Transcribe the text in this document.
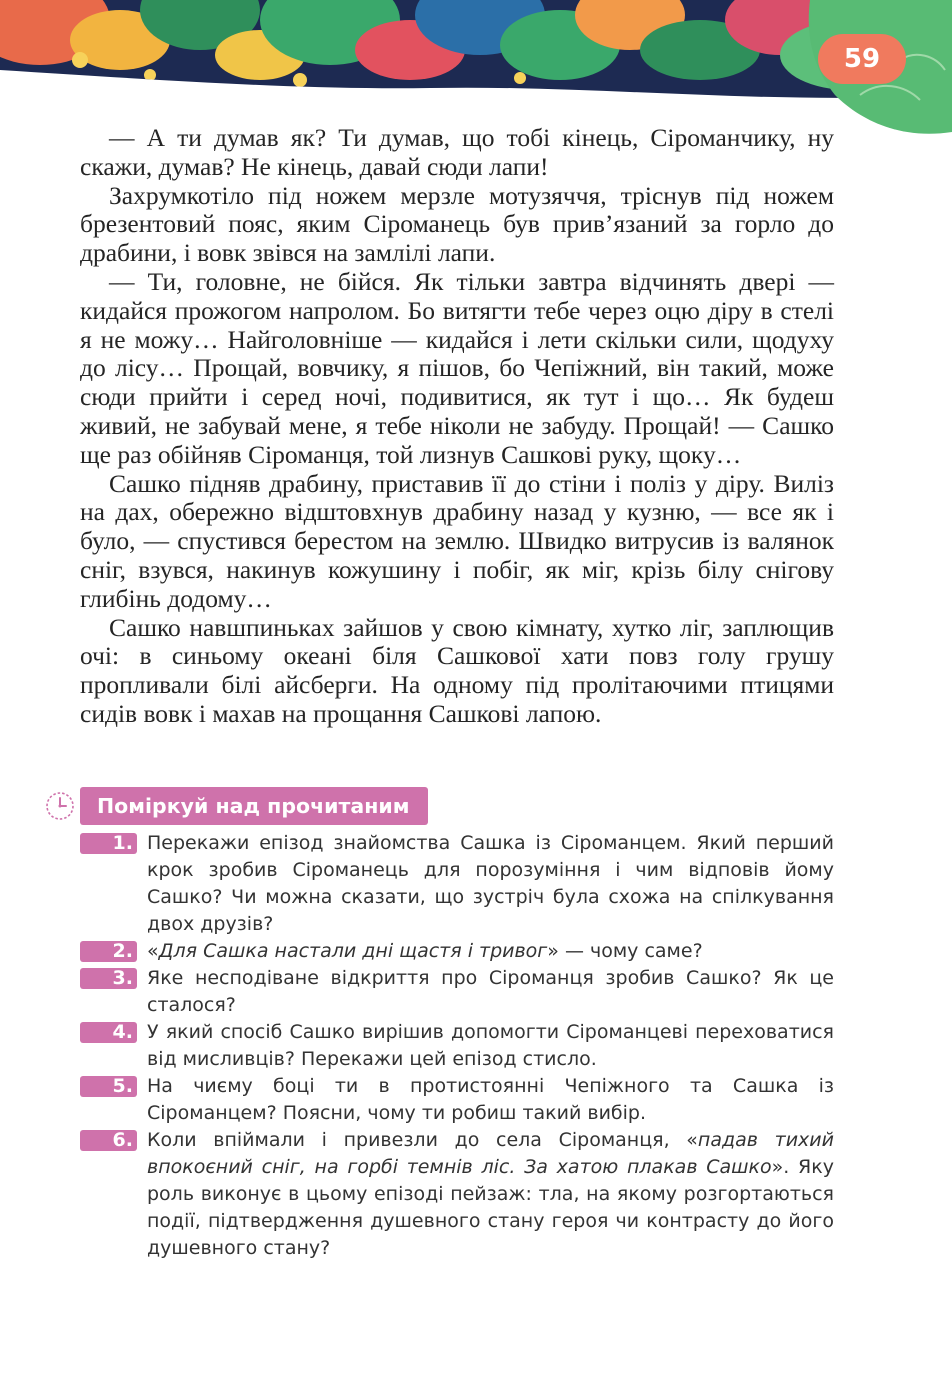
59

— А ти думав як? Ти думав, що тобі кінець, Сіроманчику, ну скажи, думав? Не кінець, давай сюди лапи!

Захрумкотіло під ножем мерзле мотузяччя, тріснув під ножем брезентовий пояс, яким Сіроманець був прив’язаний за горло до драбини, і вовк звівся на замлілі лапи.

— Ти, головне, не бійся. Як тільки завтра відчинять двері — кидайся прожогом напролом. Бо витягти тебе через оцю діру в стелі я не можу… Найголовніше — кидайся і лети скільки сили, щодуху до лісу… Прощай, вовчику, я пішов, бо Чепіжний, він такий, може сюди прийти і серед ночі, подивитися, як тут і що… Як будеш живий, не забувай мене, я тебе ніколи не забуду. Прощай! — Сашко ще раз обійняв Сіроманця, той лизнув Сашкові руку, щоку…

Сашко підняв драбину, приставив її до стіни і поліз у діру. Виліз на дах, обережно відштовхнув драбину назад у кузню, — все як і було, — спустився берестом на землю. Швидко витрусив із валянок сніг, взувся, накинув кожушину і побіг, як міг, крізь білу снігову глибінь додому…

Сашко навшпиньках зайшов у свою кімнату, хутко ліг, заплющив очі: в синьому океані біля Сашкової хати повз голу грушу пропливали білі айсберги. На одному під пролітаючими птицями сидів вовк і махав на прощання Сашкові лапою.

Поміркуй над прочитаним
1. Перекажи епізод знайомства Сашка із Сіроманцем. Який перший крок зробив Сіроманець для порозуміння і чим відповів йому Сашко? Чи можна сказати, що зустріч була схожа на спілкування двох друзів?
2. «Для Сашка настали дні щастя і тривог» — чому саме?
3. Яке несподіване відкриття про Сіроманця зробив Сашко? Як це сталося?
4. У який спосіб Сашко вирішив допомогти Сіроманцеві переховатися від мисливців? Перекажи цей епізод стисло.
5. На чиєму боці ти в протистоянні Чепіжного та Сашка із Сіроманцем? Поясни, чому ти робиш такий вибір.
6. Коли впіймали і привезли до села Сіроманця, «падав тихий впокоєний сніг, на горбі темнів ліс. За хатою плакав Сашко». Яку роль виконує в цьому епізоді пейзаж: тла, на якому розгортаються події, підтвердження душевного стану героя чи контрасту до його душевного стану?
